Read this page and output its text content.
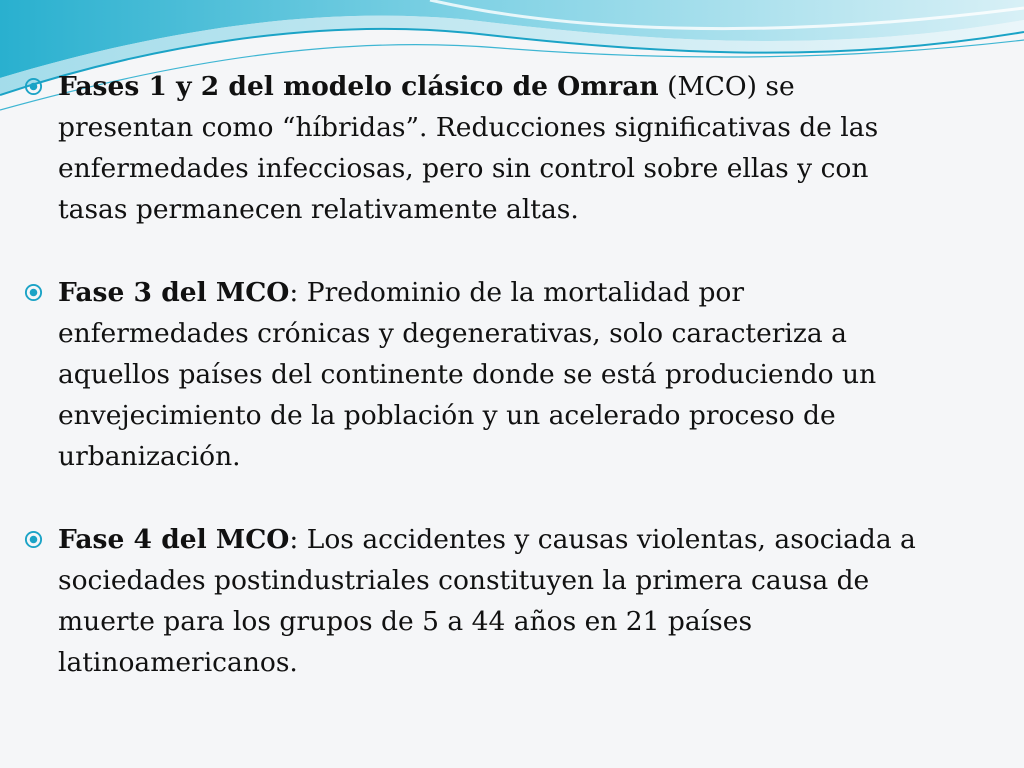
Fases 1 y 2 del modelo clásico de Omran (MCO) se presentan como “híbridas”. Reducciones significativas de las enfermedades infecciosas, pero sin control sobre ellas y con tasas permanecen relativamente altas.

Fase 3 del MCO: Predominio de la mortalidad por enfermedades crónicas y degenerativas, solo caracteriza a aquellos países del continente donde se está produciendo un envejecimiento de la población y un acelerado proceso de urbanización.

Fase 4 del MCO: Los accidentes y causas violentas, asociada a sociedades postindustriales constituyen la primera causa de muerte para los grupos de 5 a 44 años en 21 países latinoamericanos.
